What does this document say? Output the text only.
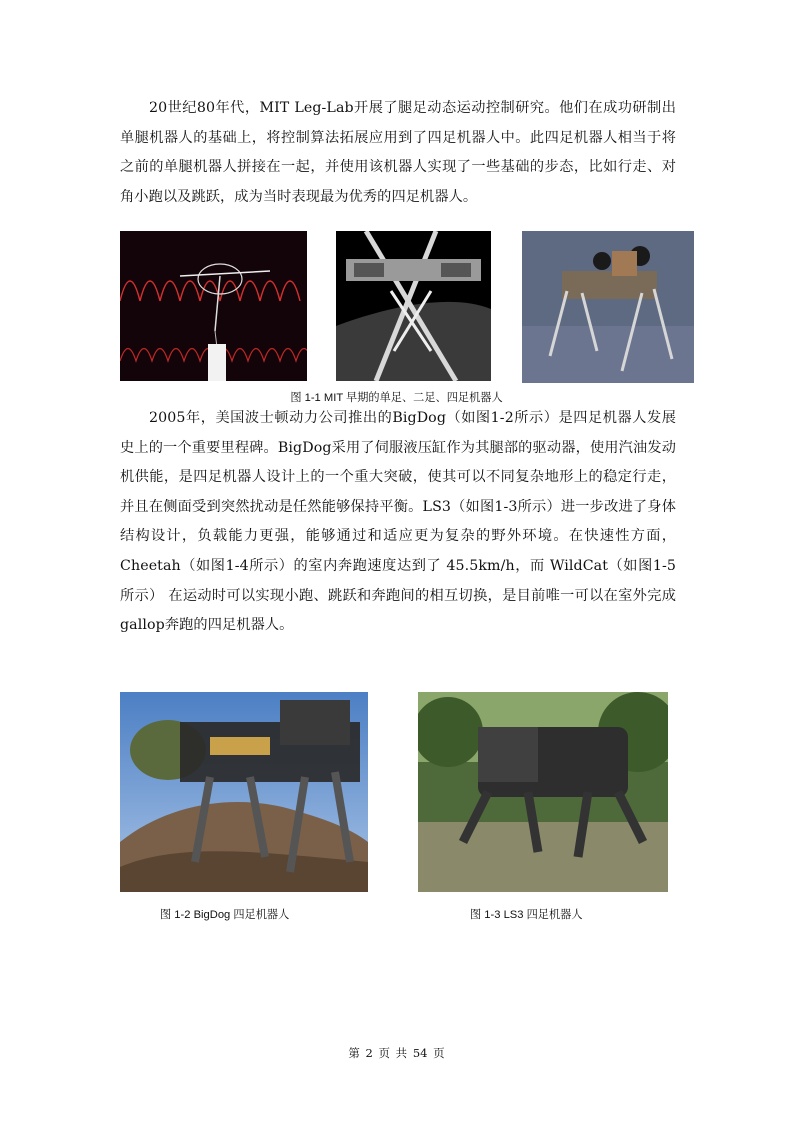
20世纪80年代，MIT Leg-Lab开展了腿足动态运动控制研究。他们在成功研制出单腿机器人的基础上，将控制算法拓展应用到了四足机器人中。此四足机器人相当于将之前的单腿机器人拼接在一起，并使用该机器人实现了一些基础的步态，比如行走、对角小跑以及跳跃，成为当时表现最为优秀的四足机器人。
图 1-1 MIT 早期的单足、二足、四足机器人
2005年，美国波士顿动力公司推出的BigDog（如图1-2所示）是四足机器人发展史上的一个重要里程碑。BigDog采用了伺服液压缸作为其腿部的驱动器，使用汽油发动机供能，是四足机器人设计上的一个重大突破，使其可以不同复杂地形上的稳定行走，并且在侧面受到突然扰动是任然能够保持平衡。LS3（如图1-3所示）进一步改进了身体结构设计，负载能力更强，能够通过和适应更为复杂的野外环境。在快速性方面，Cheetah（如图1-4所示）的室内奔跑速度达到了 45.5km/h，而 WildCat（如图1-5所示） 在运动时可以实现小跑、跳跃和奔跑间的相互切换，是目前唯一可以在室外完成gallop奔跑的四足机器人。
图 1-2 BigDog 四足机器人	图 1-3 LS3 四足机器人
第 2 页 共 54 页
